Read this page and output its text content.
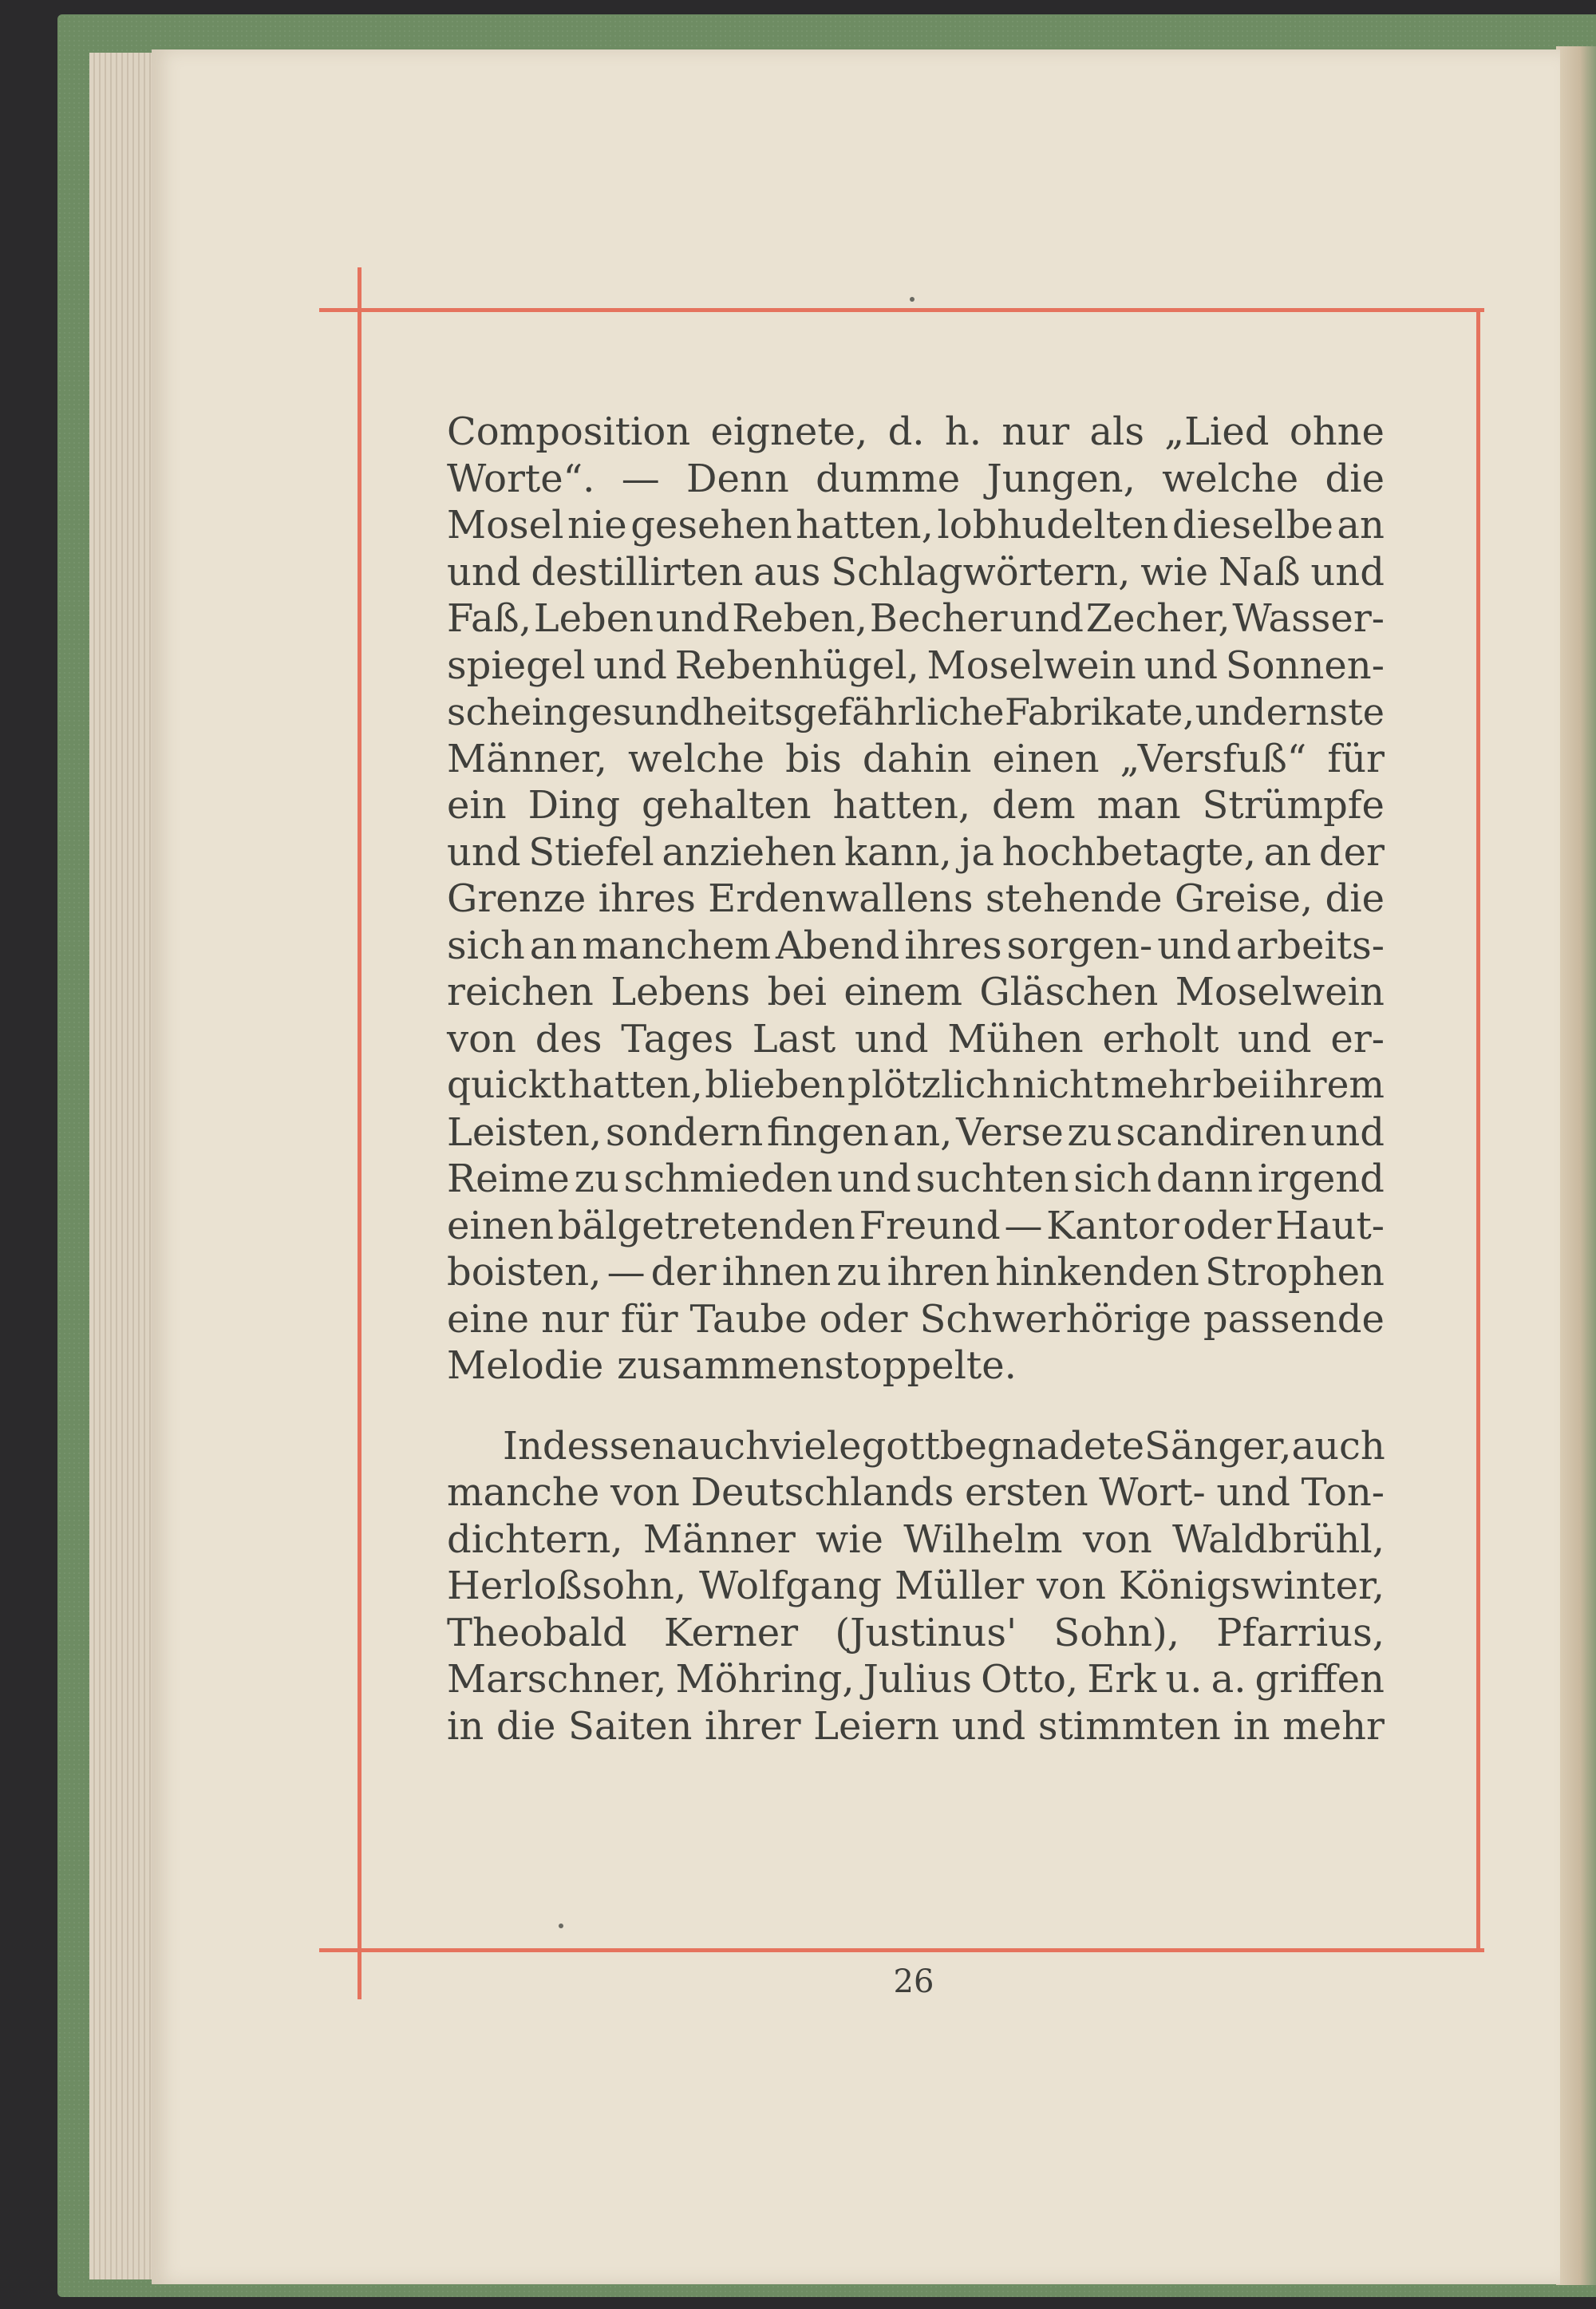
Composition eignete, d. h. nur als „Lied ohne
Worte“. — Denn dumme Jungen, welche die
Mosel nie gesehen hatten, lobhudelten dieselbe an
und destillirten aus Schlagwörtern, wie Naß und
Faß, Leben und Reben, Becher und Zecher, Wasser-
spiegel und Rebenhügel, Moselwein und Sonnen-
schein gesundheitsgefährliche Fabrikate, und ernste
Männer, welche bis dahin einen „Versfuß“ für
ein Ding gehalten hatten, dem man Strümpfe
und Stiefel anziehen kann, ja hochbetagte, an der
Grenze ihres Erdenwallens stehende Greise, die
sich an manchem Abend ihres sorgen- und arbeits-
reichen Lebens bei einem Gläschen Moselwein
von des Tages Last und Mühen erholt und er-
quickt hatten, blieben plötzlich nicht mehr bei ihrem
Leisten, sondern fingen an, Verse zu scandiren und
Reime zu schmieden und suchten sich dann irgend
einen bälgetretenden Freund — Kantor oder Haut-
boisten, — der ihnen zu ihren hinkenden Strophen
eine nur für Taube oder Schwerhörige passende
Melodie zusammenstoppelte.
Indessen auch viele gottbegnadete Sänger, auch
manche von Deutschlands ersten Wort- und Ton-
dichtern, Männer wie Wilhelm von Waldbrühl,
Herloßsohn, Wolfgang Müller von Königswinter,
Theobald Kerner (Justinus' Sohn), Pfarrius,
Marschner, Möhring, Julius Otto, Erk u. a. griffen
in die Saiten ihrer Leiern und stimmten in mehr
26
